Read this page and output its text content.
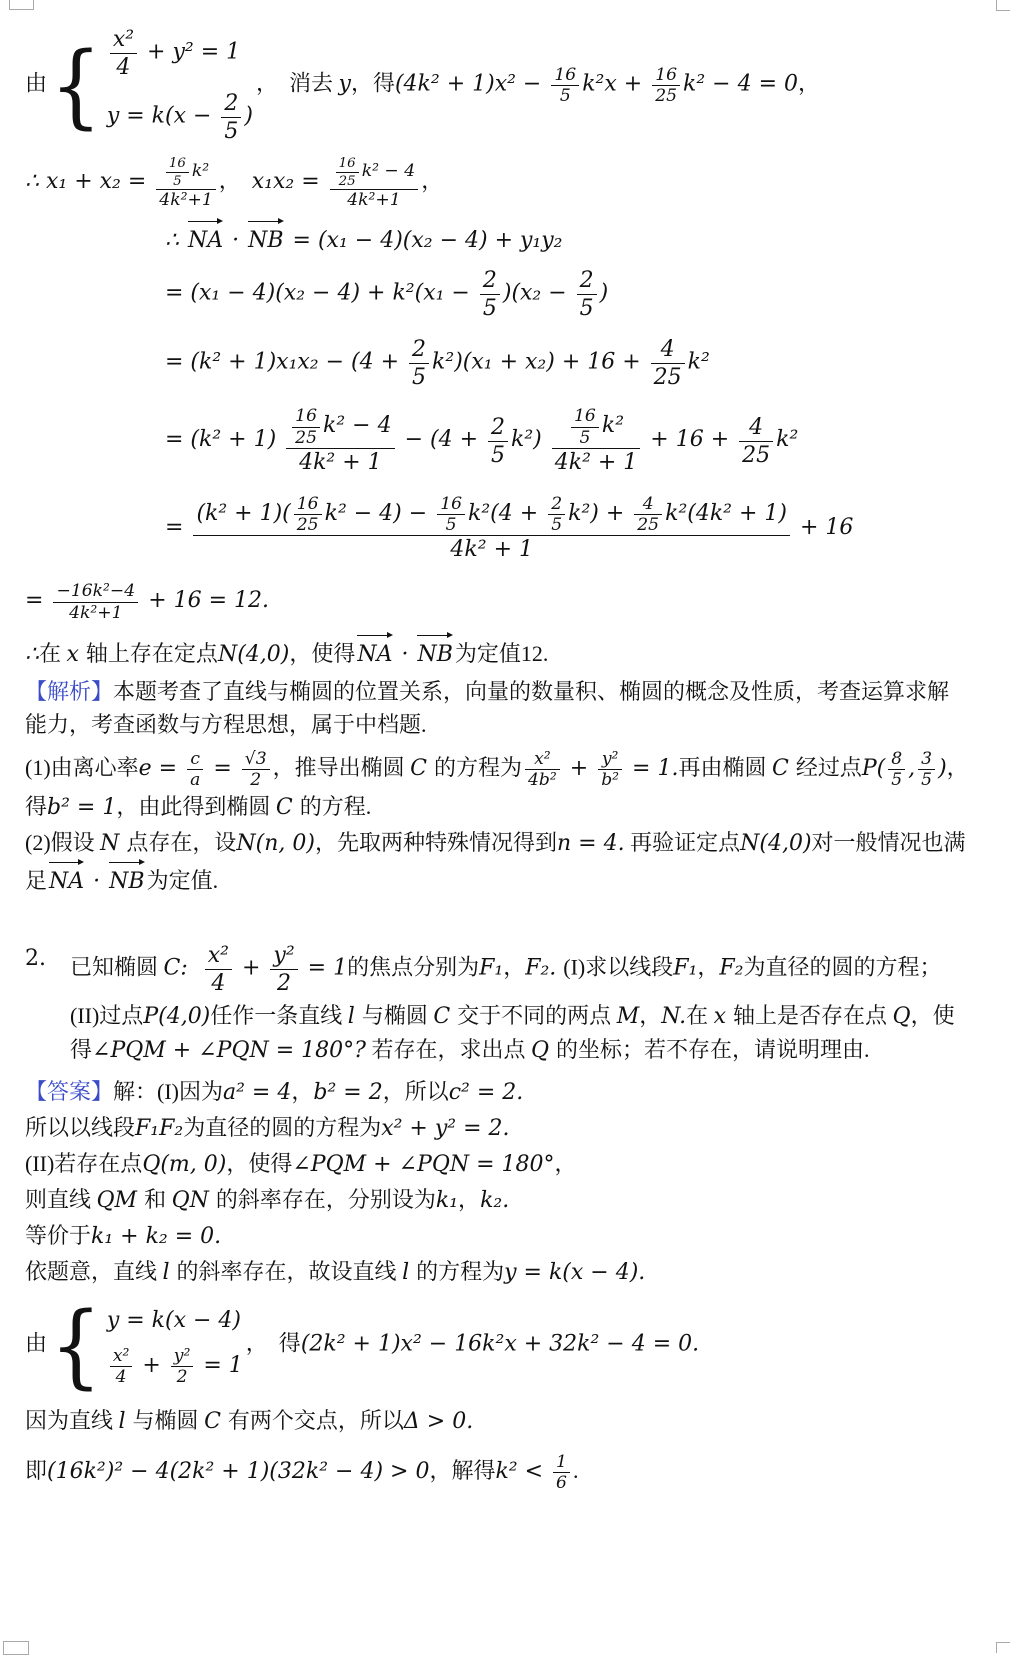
由 { $\frac{\text{x²}}{4} + y^2 = 1$
$y = k(x - \frac{2}{5}$ )
，  消去 y，得$(4k^2 + 1)x^2 - \frac{16}{5} k^2x + \frac{16}{25} k^2 - 4 = 0$，
∴ $x_1 + x_2 = \frac{\frac{16}{5} k^2}{\text{4k²+1}}$ ，  $x_1x_2 = \frac{\frac{16}{25} k^2 - 4}{\text{4k²+1}}$ ，
∴ NA · NB = (x₁ − 4)(x₂ − 4) + y₁y₂
= $(x_1 - 4)(x_2 - 4) + k^2(x_1 - \frac{2}{5} )(x_2 - \frac{2}{5}$ )
= $(k^2 + 1)x_1x_2 - (4 + \frac{2}{5} k^2)(x_1 + x_2) + 16 + \frac{4}{25} k^2$
= $(k^2 + 1) \frac{\frac{16}{25} k^2 - 4}{\text{4k² + 1}} - (4 + \frac{2}{5} k^2) \frac{\frac{16}{5} k^2}{\text{4k² + 1}} + 16 + \frac{4}{25} k^2$
= $\frac{(k^2 + 1)( \frac{16}{25} k^2 - 4) - \frac{16}{5} k^2(4 + \frac{2}{5} k^2) + \frac{4}{25} k^2(4k^2 + 1)}{\text{4k² + 1}} + 16$
= $\frac{\text{−16k²−4}}{\text{4k²+1}} + 16 = 12$.
∴在 x 轴上存在定点N(4,0)，使得NA · NB为定值12.
【解析】本题考查了直线与椭圆的位置关系，向量的数量积、椭圆的概念及性质，考查运算求解能力，考查函数与方程思想，属于中档题.
(1)由离心率$e = \frac{c}{a} = \frac{√3}{2}$ ，推导出椭圆 C 的方程为 $\frac{\text{x²}}{\text{4b²}} + \frac{\text{y²}}{\text{b²}} = 1$.再由椭圆 C 经过点$P( \frac{8}{5}$ , $\frac{3}{5}$ )，得b² = 1，由此得到椭圆 C 的方程.
(2)假设 N 点存在，设N(n, 0)，先取两种特殊情况得到n = 4. 再验证定点N(4,0)对一般情况也满足NA · NB为定值.
2.	已知椭圆 C: $\frac{\text{x²}}{4} + \frac{\text{y²}}{2} = 1$的焦点分别为F₁，F₂. (I)求以线段F₁，F₂为直径的圆的方程；
(II)过点P(4,0)任作一条直线 l 与椭圆 C 交于不同的两点 M，N.在 x 轴上是否存在点 Q，使得∠PQM + ∠PQN = 180°? 若存在，求出点 Q 的坐标；若不存在，请说明理由.
【答案】解：(I)因为a² = 4，b² = 2，所以c² = 2.
所以以线段F₁F₂为直径的圆的方程为x² + y² = 2.
(II)若存在点Q(m, 0)，使得∠PQM + ∠PQN = 180°，
则直线 QM 和 QN 的斜率存在，分别设为k₁，k₂.
等价于k₁ + k₂ = 0.
依题意，直线 l 的斜率存在，故设直线 l 的方程为y = k(x − 4).
由 { y = k(x − 4)
$\frac{\text{x²}}{4} + \frac{\text{y²}}{2} = 1$
，  得(2k² + 1)x² − 16k²x + 32k² − 4 = 0.
因为直线 l 与椭圆 C 有两个交点，所以Δ > 0.
即(16k²)² − 4(2k² + 1)(32k² − 4) > 0，解得$k^2 < \frac{1}{6}$ .
